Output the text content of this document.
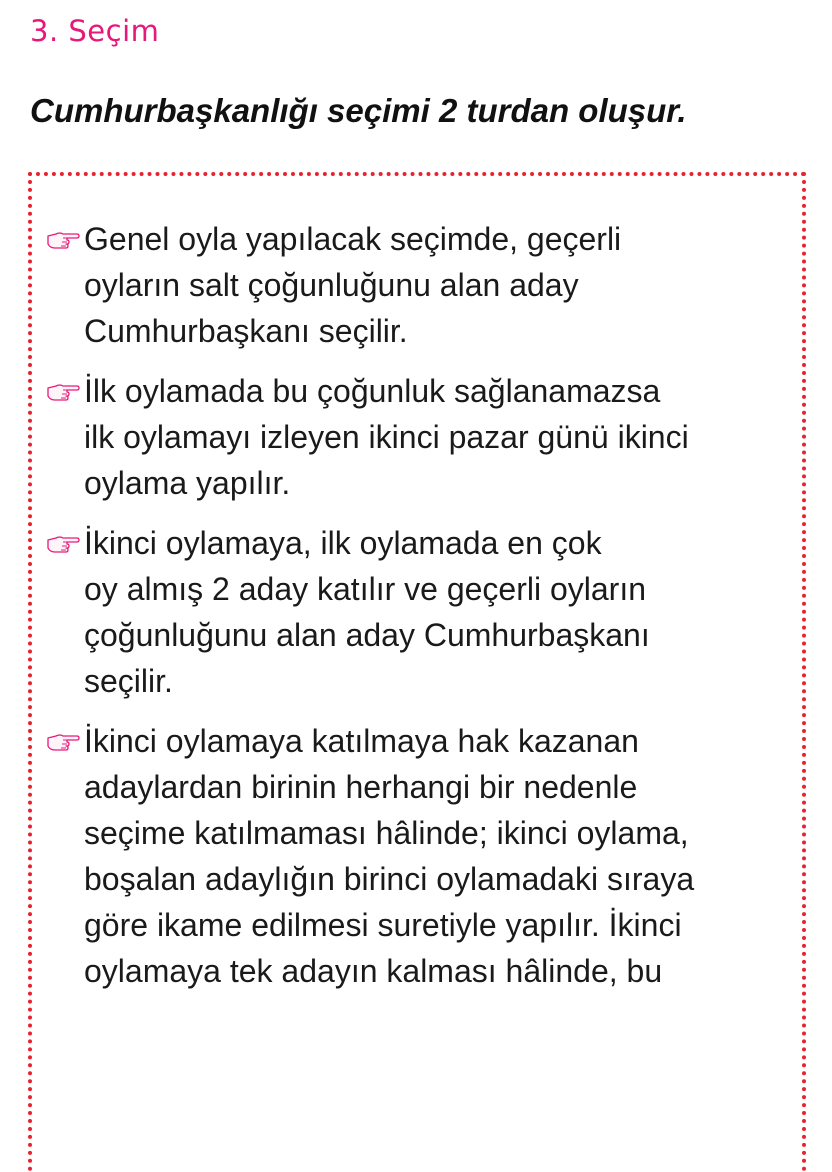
3. Seçim
Cumhurbaşkanlığı seçimi 2 turdan oluşur.
Genel oyla yapılacak seçimde, geçerli
oyların salt çoğunluğunu alan aday
Cumhurbaşkanı seçilir.
İlk oylamada bu çoğunluk sağlanamazsa
ilk oylamayı izleyen ikinci pazar günü ikinci
oylama yapılır.
İkinci oylamaya, ilk oylamada en çok
oy almış 2 aday katılır ve geçerli oyların
çoğunluğunu alan aday Cumhurbaşkanı
seçilir.
İkinci oylamaya katılmaya hak kazanan
adaylardan birinin herhangi bir nedenle
seçime katılmaması hâlinde; ikinci oylama,
boşalan adaylığın birinci oylamadaki sıraya
göre ikame edilmesi suretiyle yapılır. İkinci
oylamaya tek adayın kalması hâlinde, bu
